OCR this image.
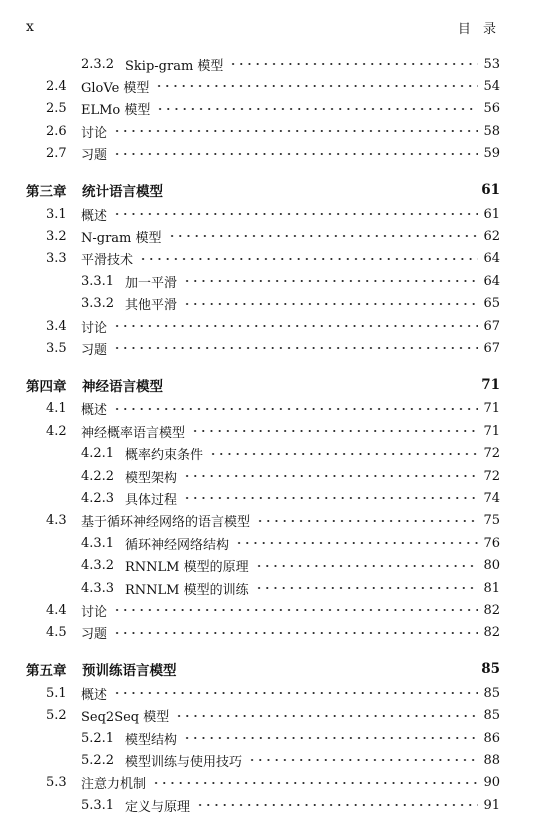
x	目 录
2.3.2 Skip-gram 模型	53
2.4	GloVe 模型	54
2.5	ELMo 模型	56
2.6	讨论	58
2.7	习题	59
第三章	统计语言模型	61
3.1	概述	61
3.2	N-gram 模型	62
3.3	平滑技术	64
3.3.1 加一平滑	64
3.3.2 其他平滑	65
3.4	讨论	67
3.5	习题	67
第四章	神经语言模型	71
4.1	概述	71
4.2	神经概率语言模型	71
4.2.1 概率约束条件	72
4.2.2 模型架构	72
4.2.3 具体过程	74
4.3	基于循环神经网络的语言模型	75
4.3.1 循环神经网络结构	76
4.3.2 RNNLM 模型的原理	80
4.3.3 RNNLM 模型的训练	81
4.4	讨论	82
4.5	习题	82
第五章	预训练语言模型	85
5.1	概述	85
5.2	Seq2Seq 模型	85
5.2.1 模型结构	86
5.2.2 模型训练与使用技巧	88
5.3	注意力机制	90
5.3.1 定义与原理	91
